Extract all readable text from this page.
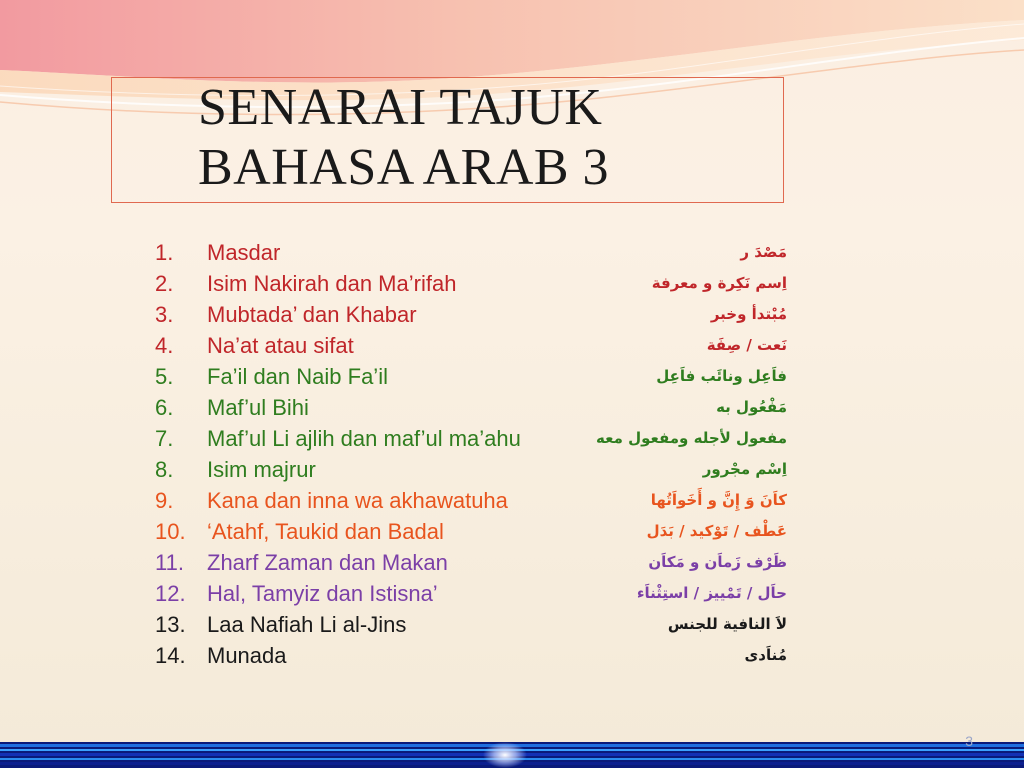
SENARAI TAJUK
BAHASA ARAB 3
1. Masdar	مَصْدَ ر
2. Isim Nakirah dan Ma’rifah	اِسم نَكِرة و معرفة
3. Mubtada’ dan Khabar	مُبْتدأ وخبر
4. Na’at atau sifat	نَعت / صِفَة
5. Fa’il dan Naib Fa’il	فاَعِل ونائَب فاَعِل
6. Maf’ul Bihi	مَفْعُول به
7. Maf’ul Li ajlih dan maf’ul ma’ahu	مفعول لأجله ومفعول معه
8. Isim majrur	اِسْم مجْرور
9. Kana dan inna wa akhawatuha	كاَنَ وَ إِنَّ و أَخَواَتُها
10. ‘Atahf, Taukid dan Badal	عَطْف / تَوْكيد / بَدَل
11. Zharf Zaman dan Makan	ظَرْف زَماَن و مَكاَن
12. Hal, Tamyiz dan Istisna’	حاَل / تَمْييز / استِثْناَء
13. Laa Nafiah Li al-Jins	لاَ النافية للجنس
14. Munada	مُناَدى
3
